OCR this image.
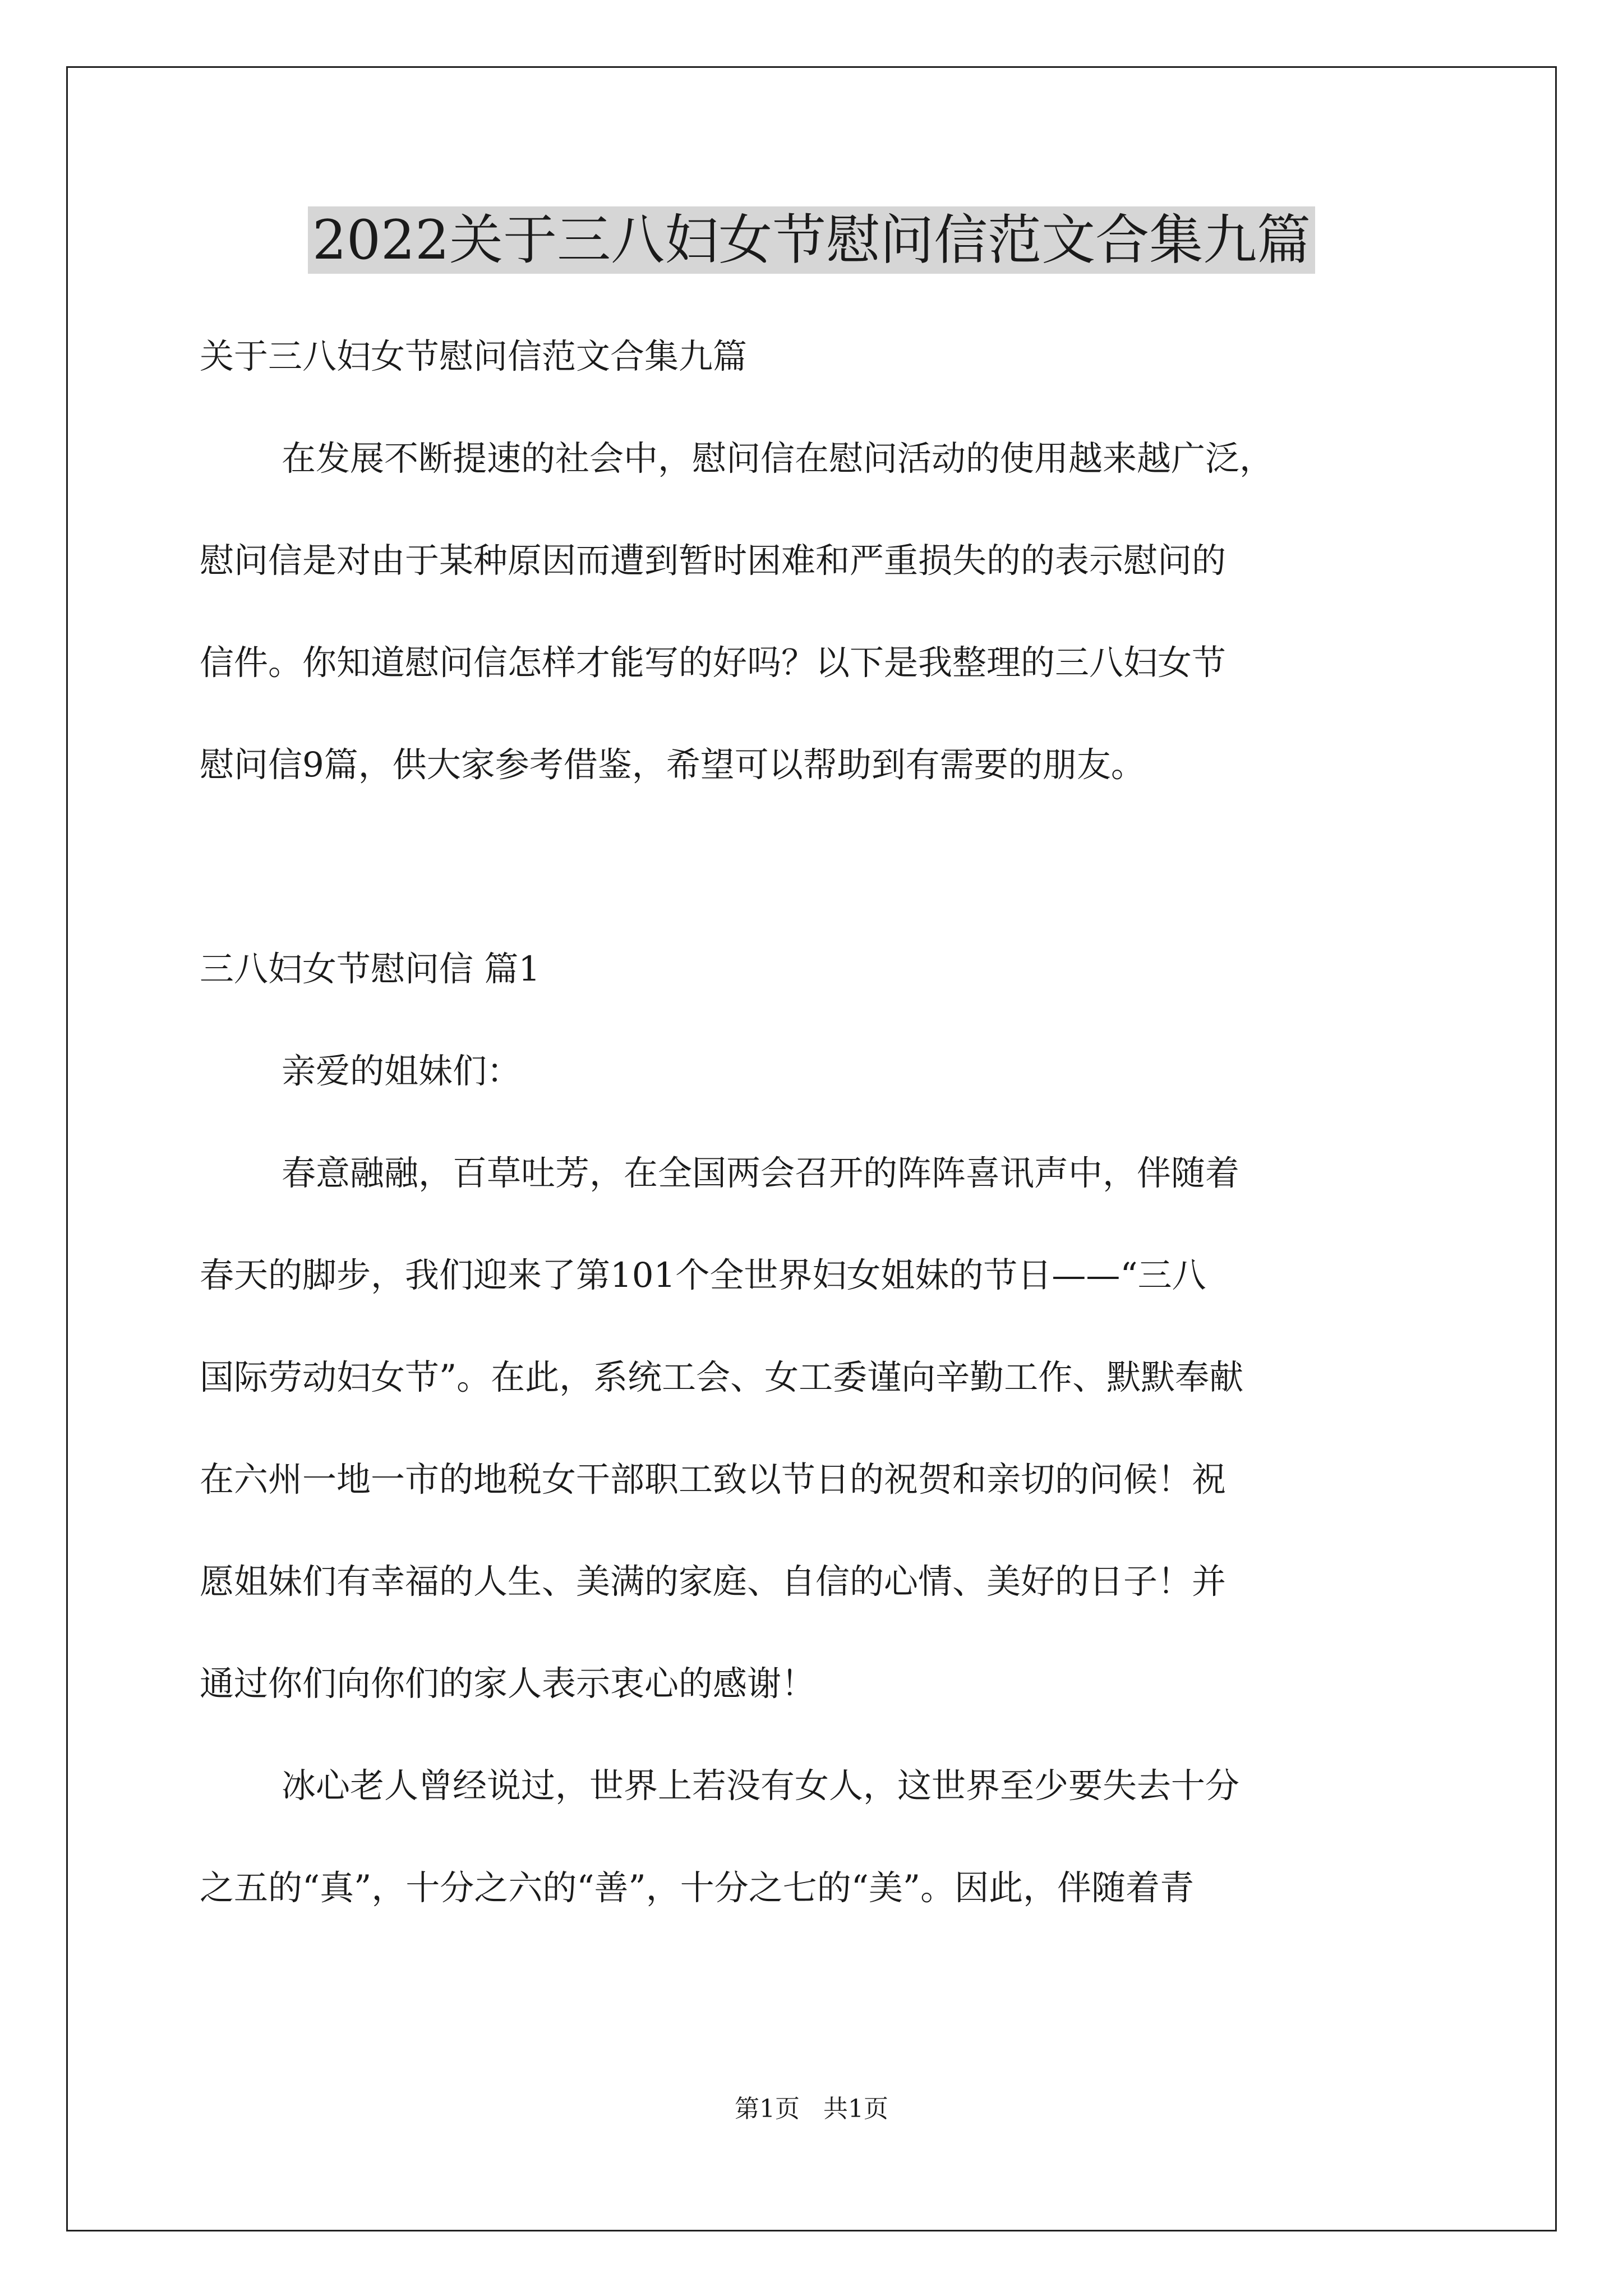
2022关于三八妇女节慰问信范文合集九篇

关于三八妇女节慰问信范文合集九篇

在发展不断提速的社会中，慰问信在慰问活动的使用越来越广泛，

慰问信是对由于某种原因而遭到暂时困难和严重损失的的表示慰问的

信件。你知道慰问信怎样才能写的好吗？以下是我整理的三八妇女节

慰问信9篇，供大家参考借鉴，希望可以帮助到有需要的朋友。

三八妇女节慰问信 篇1

亲爱的姐妹们：

春意融融，百草吐芳，在全国两会召开的阵阵喜讯声中，伴随着

春天的脚步，我们迎来了第101个全世界妇女姐妹的节日——“三八

国际劳动妇女节”。在此，系统工会、女工委谨向辛勤工作、默默奉献

在六州一地一市的地税女干部职工致以节日的祝贺和亲切的问候！祝

愿姐妹们有幸福的人生、美满的家庭、自信的心情、美好的日子！并

通过你们向你们的家人表示衷心的感谢！

冰心老人曾经说过，世界上若没有女人，这世界至少要失去十分

之五的“真”，十分之六的“善”，十分之七的“美”。因此，伴随着青

第1页   共1页
